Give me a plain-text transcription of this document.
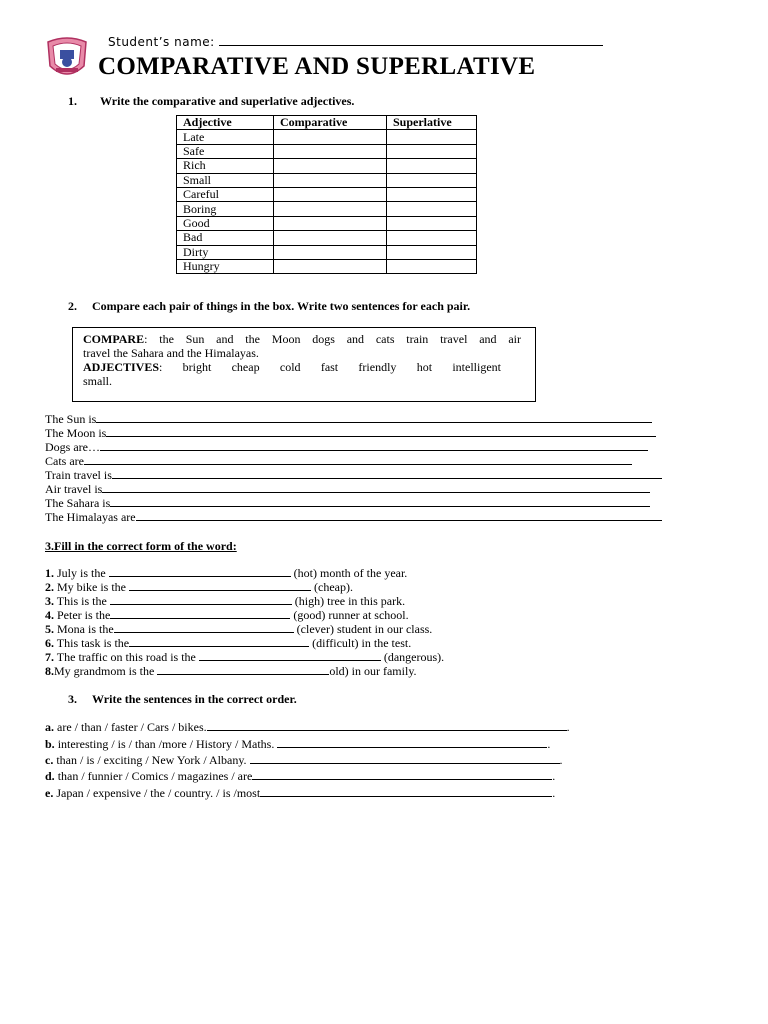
Student’s name:
COMPARATIVE AND SUPERLATIVE
1. Write the comparative and superlative adjectives.
Adjective	Comparative	Superlative
Late		
Safe		
Rich		
Small		
Careful		
Boring		
Good		
Bad		
Dirty		
Hungry		
2. Compare each pair of things in the box. Write two sentences for each pair.
COMPARE: the Sun and the Moon dogs and cats train travel and air
travel the Sahara and the Himalayas.
ADJECTIVES: bright cheap cold fast friendly hot intelligent
small.
The Sun is
The Moon is
Dogs are…
Cats are
Train travel is
Air travel is
The Sahara is
The Himalayas are
3.Fill in the correct form of the word:
1. July is the	(hot) month of the year.
2. My bike is the	(cheap).
3. This is the	(high) tree in this park.
4. Peter is the	(good) runner at school.
5. Mona is the	(clever) student in our class.
6. This task is the	(difficult) in the test.
7. The traffic on this road is the	(dangerous).
8.My grandmom is the	old) in our family.
3. Write the sentences in the correct order.
a. are / than / faster / Cars / bikes.	.
b. interesting / is / than /more / History / Maths.	.
c. than / is / exciting / New York / Albany.	.
d. than / funnier / Comics / magazines / are	.
e. Japan / expensive / the / country. / is /most	.
